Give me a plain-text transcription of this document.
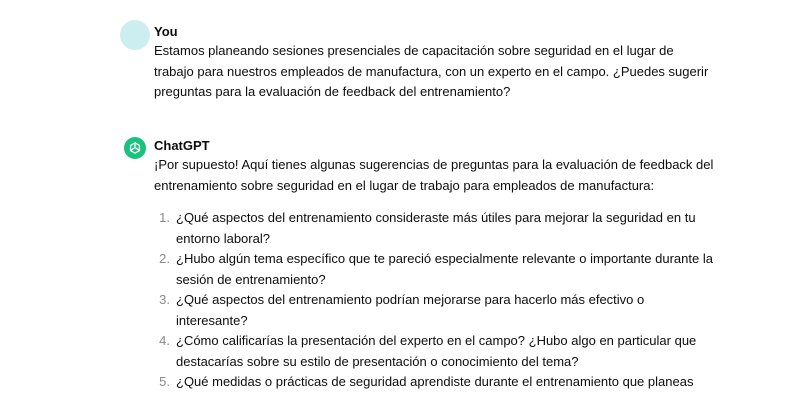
You

Estamos planeando sesiones presenciales de capacitación sobre seguridad en el lugar de trabajo para nuestros empleados de manufactura, con un experto en el campo. ¿Puedes sugerir preguntas para la evaluación de feedback del entrenamiento?

ChatGPT

¡Por supuesto! Aquí tienes algunas sugerencias de preguntas para la evaluación de feedback del entrenamiento sobre seguridad en el lugar de trabajo para empleados de manufactura:

1. ¿Qué aspectos del entrenamiento consideraste más útiles para mejorar la seguridad en tu entorno laboral?
2. ¿Hubo algún tema específico que te pareció especialmente relevante o importante durante la sesión de entrenamiento?
3. ¿Qué aspectos del entrenamiento podrían mejorarse para hacerlo más efectivo o interesante?
4. ¿Cómo calificarías la presentación del experto en el campo? ¿Hubo algo en particular que destacarías sobre su estilo de presentación o conocimiento del tema?
5. ¿Qué medidas o prácticas de seguridad aprendiste durante el entrenamiento que planeas
